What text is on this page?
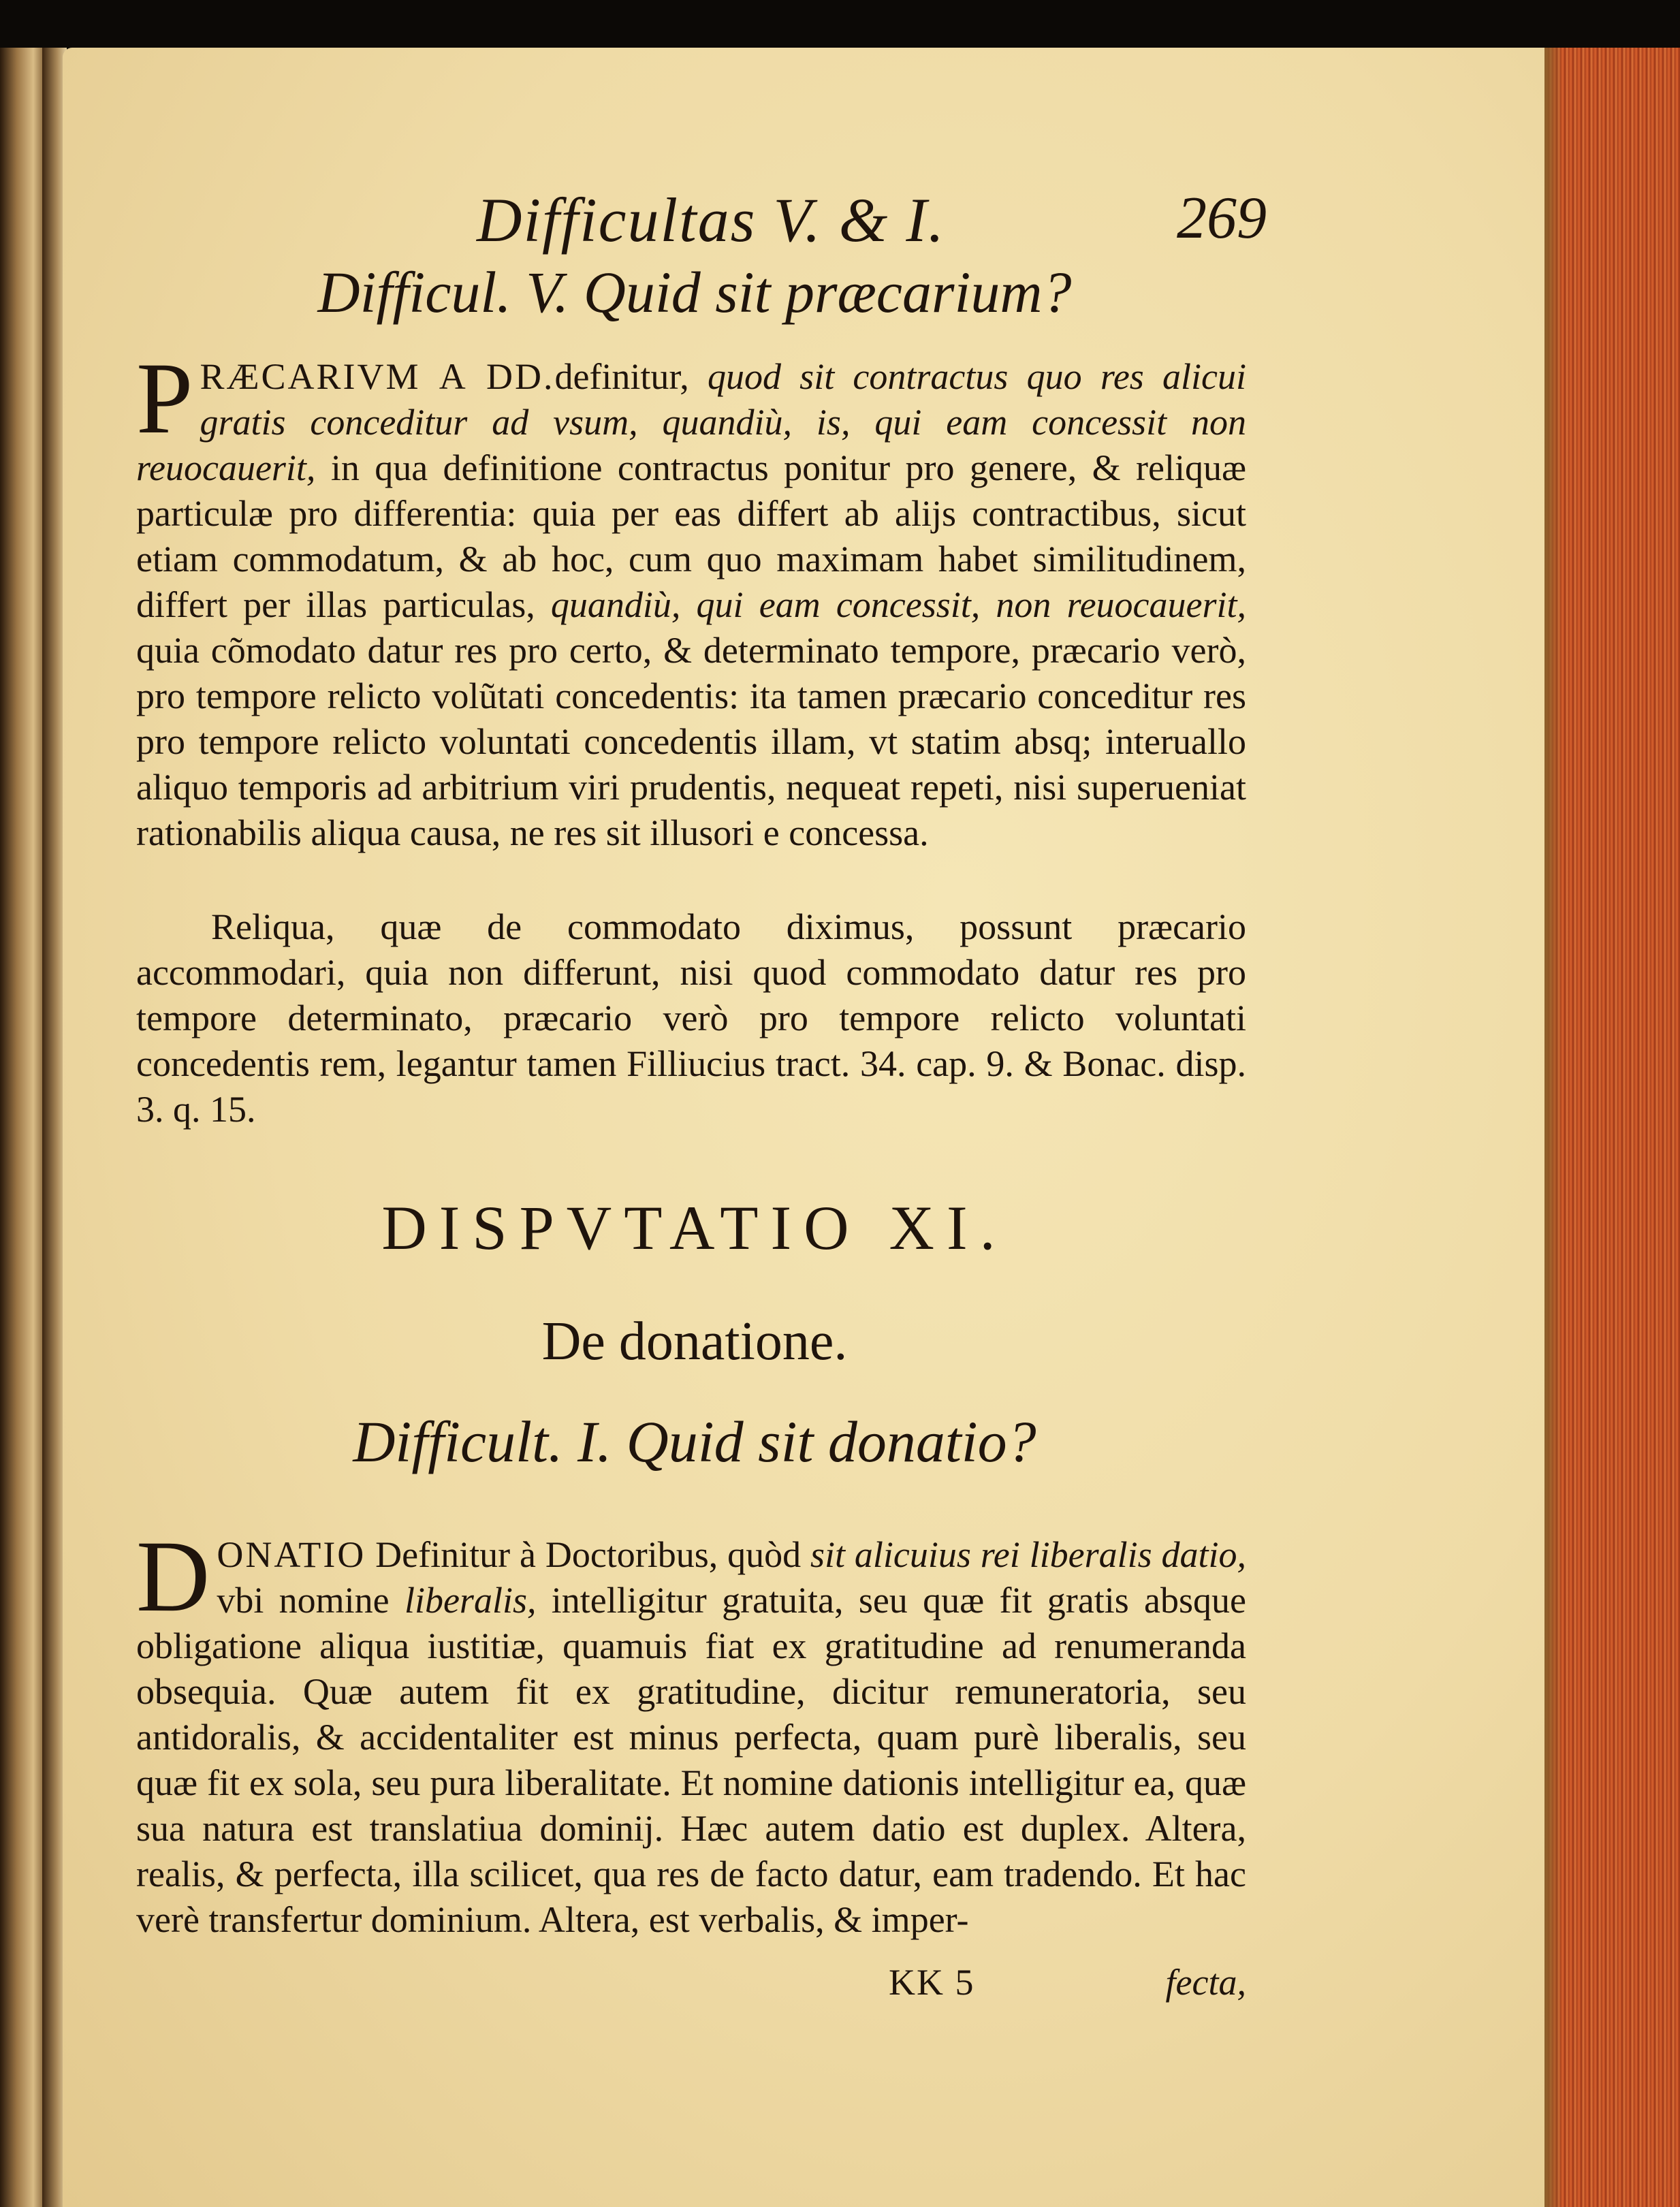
Difficultas V. & I.	269
Difficul. V. Quid sit præcarium?
PRÆCARIVM A DD.definitur, quod sit contractus quo res alicui gratis conceditur ad vsum, quandiù, is, qui eam concessit non reuocauerit, in qua definitione contractus ponitur pro genere, & reliquæ particulæ pro differentia: quia per eas differt ab alijs contractibus, sicut etiam commodatum, & ab hoc, cum quo maximam habet similitudinem, differt per illas particulas, quandiù, qui eam concessit, non reuocauerit, quia cõmodato datur res pro certo, & determinato tempore, præcario verò, pro tempore relicto volũtati concedentis: ita tamen præcario conceditur res pro tempore relicto voluntati concedentis illam, vt statim absq; interuallo aliquo temporis ad arbitrium viri prudentis, nequeat repeti, nisi superueniat rationabilis aliqua causa, ne res sit illusori e concessa.
Reliqua, quæ de commodato diximus, possunt præcario accommodari, quia non differunt, nisi quod commodato datur res pro tempore determinato, præcario verò pro tempore relicto voluntati concedentis rem, legantur tamen Filliucius tract. 34. cap. 9. & Bonac. disp. 3. q. 15.
DISPVTATIO XI.
De donatione.
Difficult. I. Quid sit donatio?
DONATIO Definitur à Doctoribus, quòd sit alicuius rei liberalis datio, vbi nomine liberalis, intelligitur gratuita, seu quæ fit gratis absque obligatione aliqua iustitiæ, quamuis fiat ex gratitudine ad renumeranda obsequia. Quæ autem fit ex gratitudine, dicitur remuneratoria, seu antidoralis, & accidentaliter est minus perfecta, quam purè liberalis, seu quæ fit ex sola, seu pura liberalitate. Et nomine dationis intelligitur ea, quæ sua natura est translatiua dominij. Hæc autem datio est duplex. Altera, realis, & perfecta, illa scilicet, qua res de facto datur, eam tradendo. Et hac verè transfertur dominium. Altera, est verbalis, & imper-
KK 5	fecta,
